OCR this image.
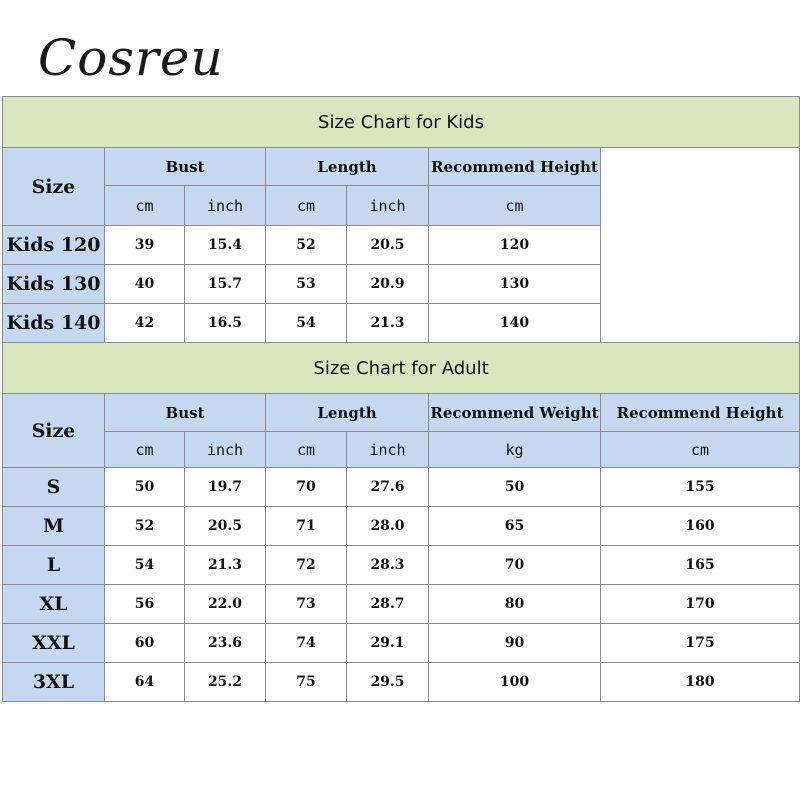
Cosreu
Size Chart for Kids						
Size	Bust		Length		Recommend Height	
	cm	inch	cm	inch	cm	
Kids 120	39	15.4	52	20.5	120	
Kids 130	40	15.7	53	20.9	130	
Kids 140	42	16.5	54	21.3	140	
Size Chart for Adult						
Size	Bust		Length		Recommend Weight	Recommend Height
	cm	inch	cm	inch	kg	cm
S	50	19.7	70	27.6	50	155
M	52	20.5	71	28.0	65	160
L	54	21.3	72	28.3	70	165
XL	56	22.0	73	28.7	80	170
XXL	60	23.6	74	29.1	90	175
3XL	64	25.2	75	29.5	100	180
